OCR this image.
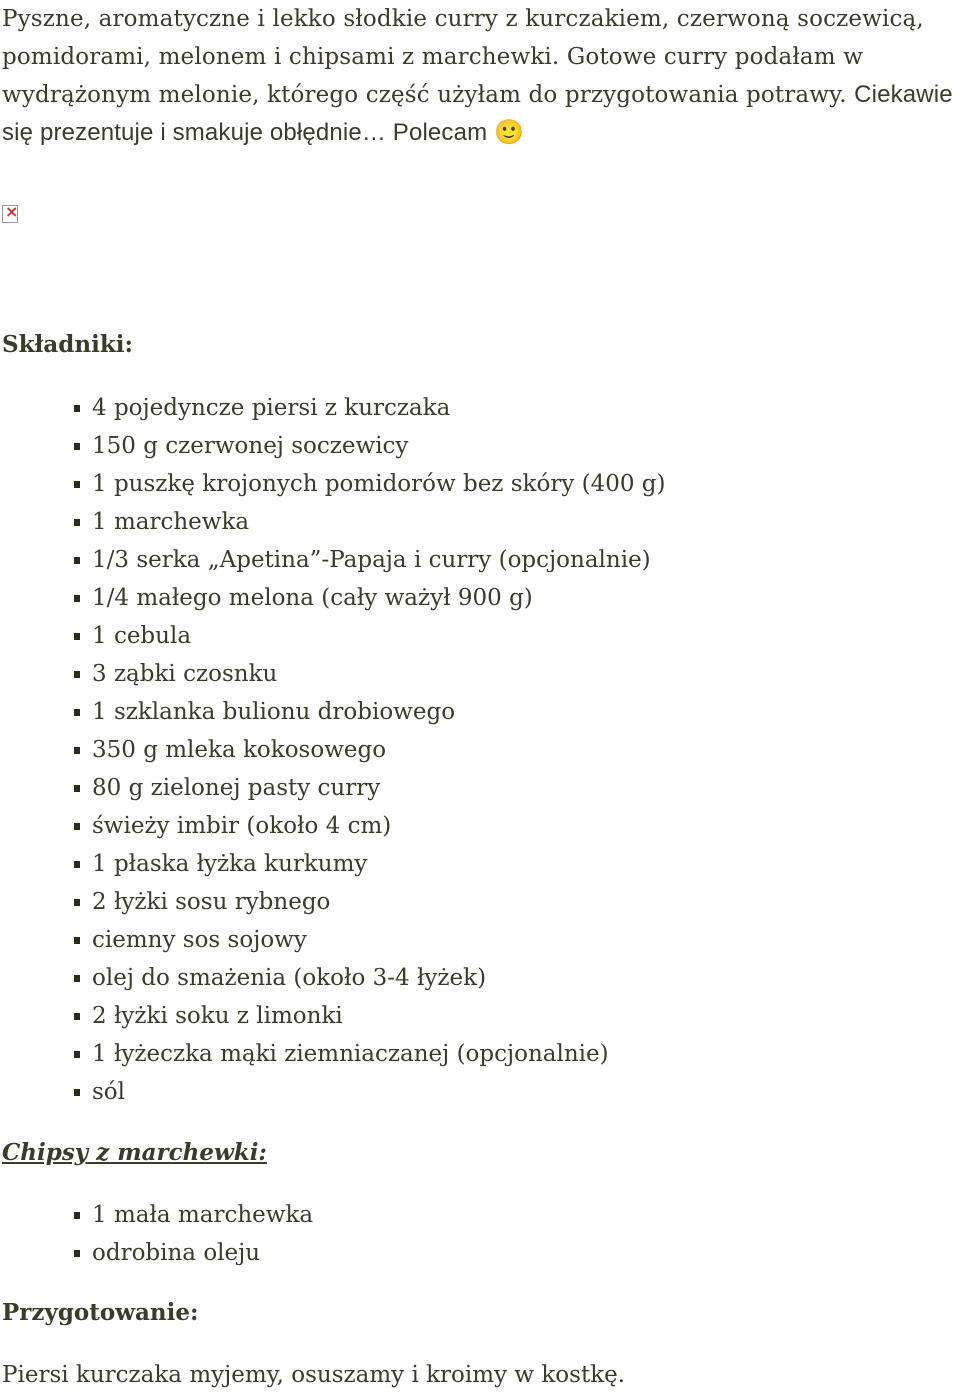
Pyszne, aromatyczne i lekko słodkie curry z kurczakiem, czerwoną soczewicą, pomidorami, melonem i chipsami z marchewki. Gotowe curry podałam w wydrążonym melonie, którego część użyłam do przygotowania potrawy. Ciekawie się prezentuje i smakuje obłędnie… Polecam 🙂

×
Składniki:
4 pojedyncze piersi z kurczaka
150 g czerwonej soczewicy
1 puszkę krojonych pomidorów bez skóry (400 g)
1 marchewka
1/3 serka „Apetina”-Papaja i curry (opcjonalnie)
1/4 małego melona (cały ważył 900 g)
1 cebula
3 ząbki czosnku
1 szklanka bulionu drobiowego
350 g mleka kokosowego
80 g zielonej pasty curry
świeży imbir (około 4 cm)
1 płaska łyżka kurkumy
2 łyżki sosu rybnego
ciemny sos sojowy
olej do smażenia (około 3-4 łyżek)
2 łyżki soku z limonki
1 łyżeczka mąki ziemniaczanej (opcjonalnie)
sól
Chipsy z marchewki:
1 mała marchewka
odrobina oleju
Przygotowanie:

Piersi kurczaka myjemy, osuszamy i kroimy w kostkę.
